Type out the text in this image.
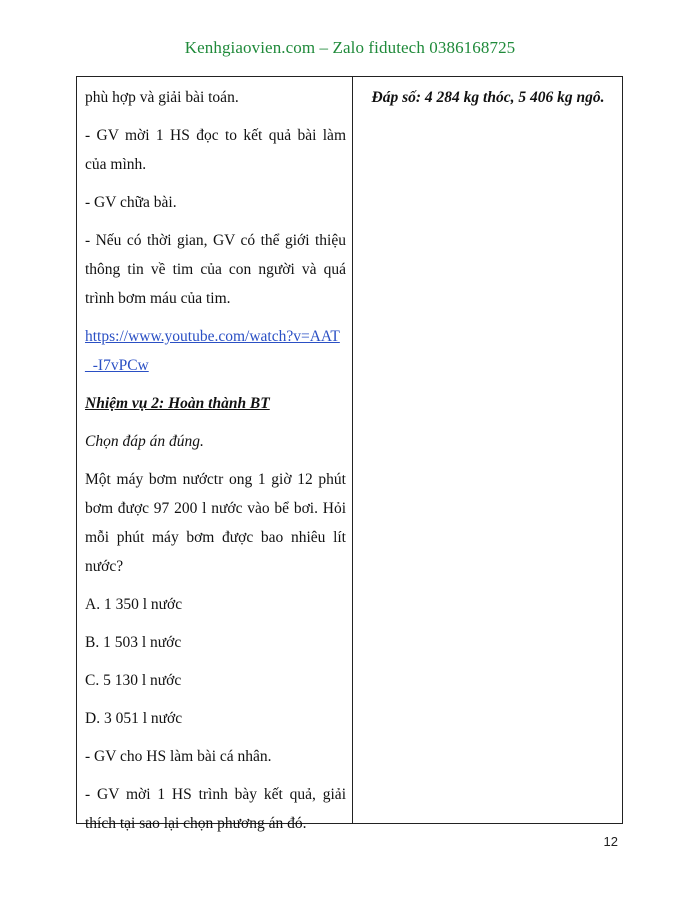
Kenhgiaovien.com – Zalo fidutech 0386168725

phù hợp và giải bài toán.

- GV mời 1 HS đọc to kết quả bài làm của mình.

- GV chữa bài.

- Nếu có thời gian, GV có thể giới thiệu thông tin về tim của con người và quá trình bơm máu của tim.

https://www.youtube.com/watch?v=AAT
_-I7vPCw

Nhiệm vụ 2: Hoàn thành BT

Chọn đáp án đúng.

Một máy bơm nướctr ong 1 giờ 12 phút bơm được 97 200 l nước vào bể bơi. Hỏi mỗi phút máy bơm được bao nhiêu lít nước?

A. 1 350 l nước

B. 1 503 l nước

C. 5 130 l nước

D. 3 051 l nước

- GV cho HS làm bài cá nhân.

- GV mời 1 HS trình bày kết quả, giải thích tại sao lại chọn phương án đó.

Đáp số: 4 284 kg thóc, 5 406 kg ngô.

12
